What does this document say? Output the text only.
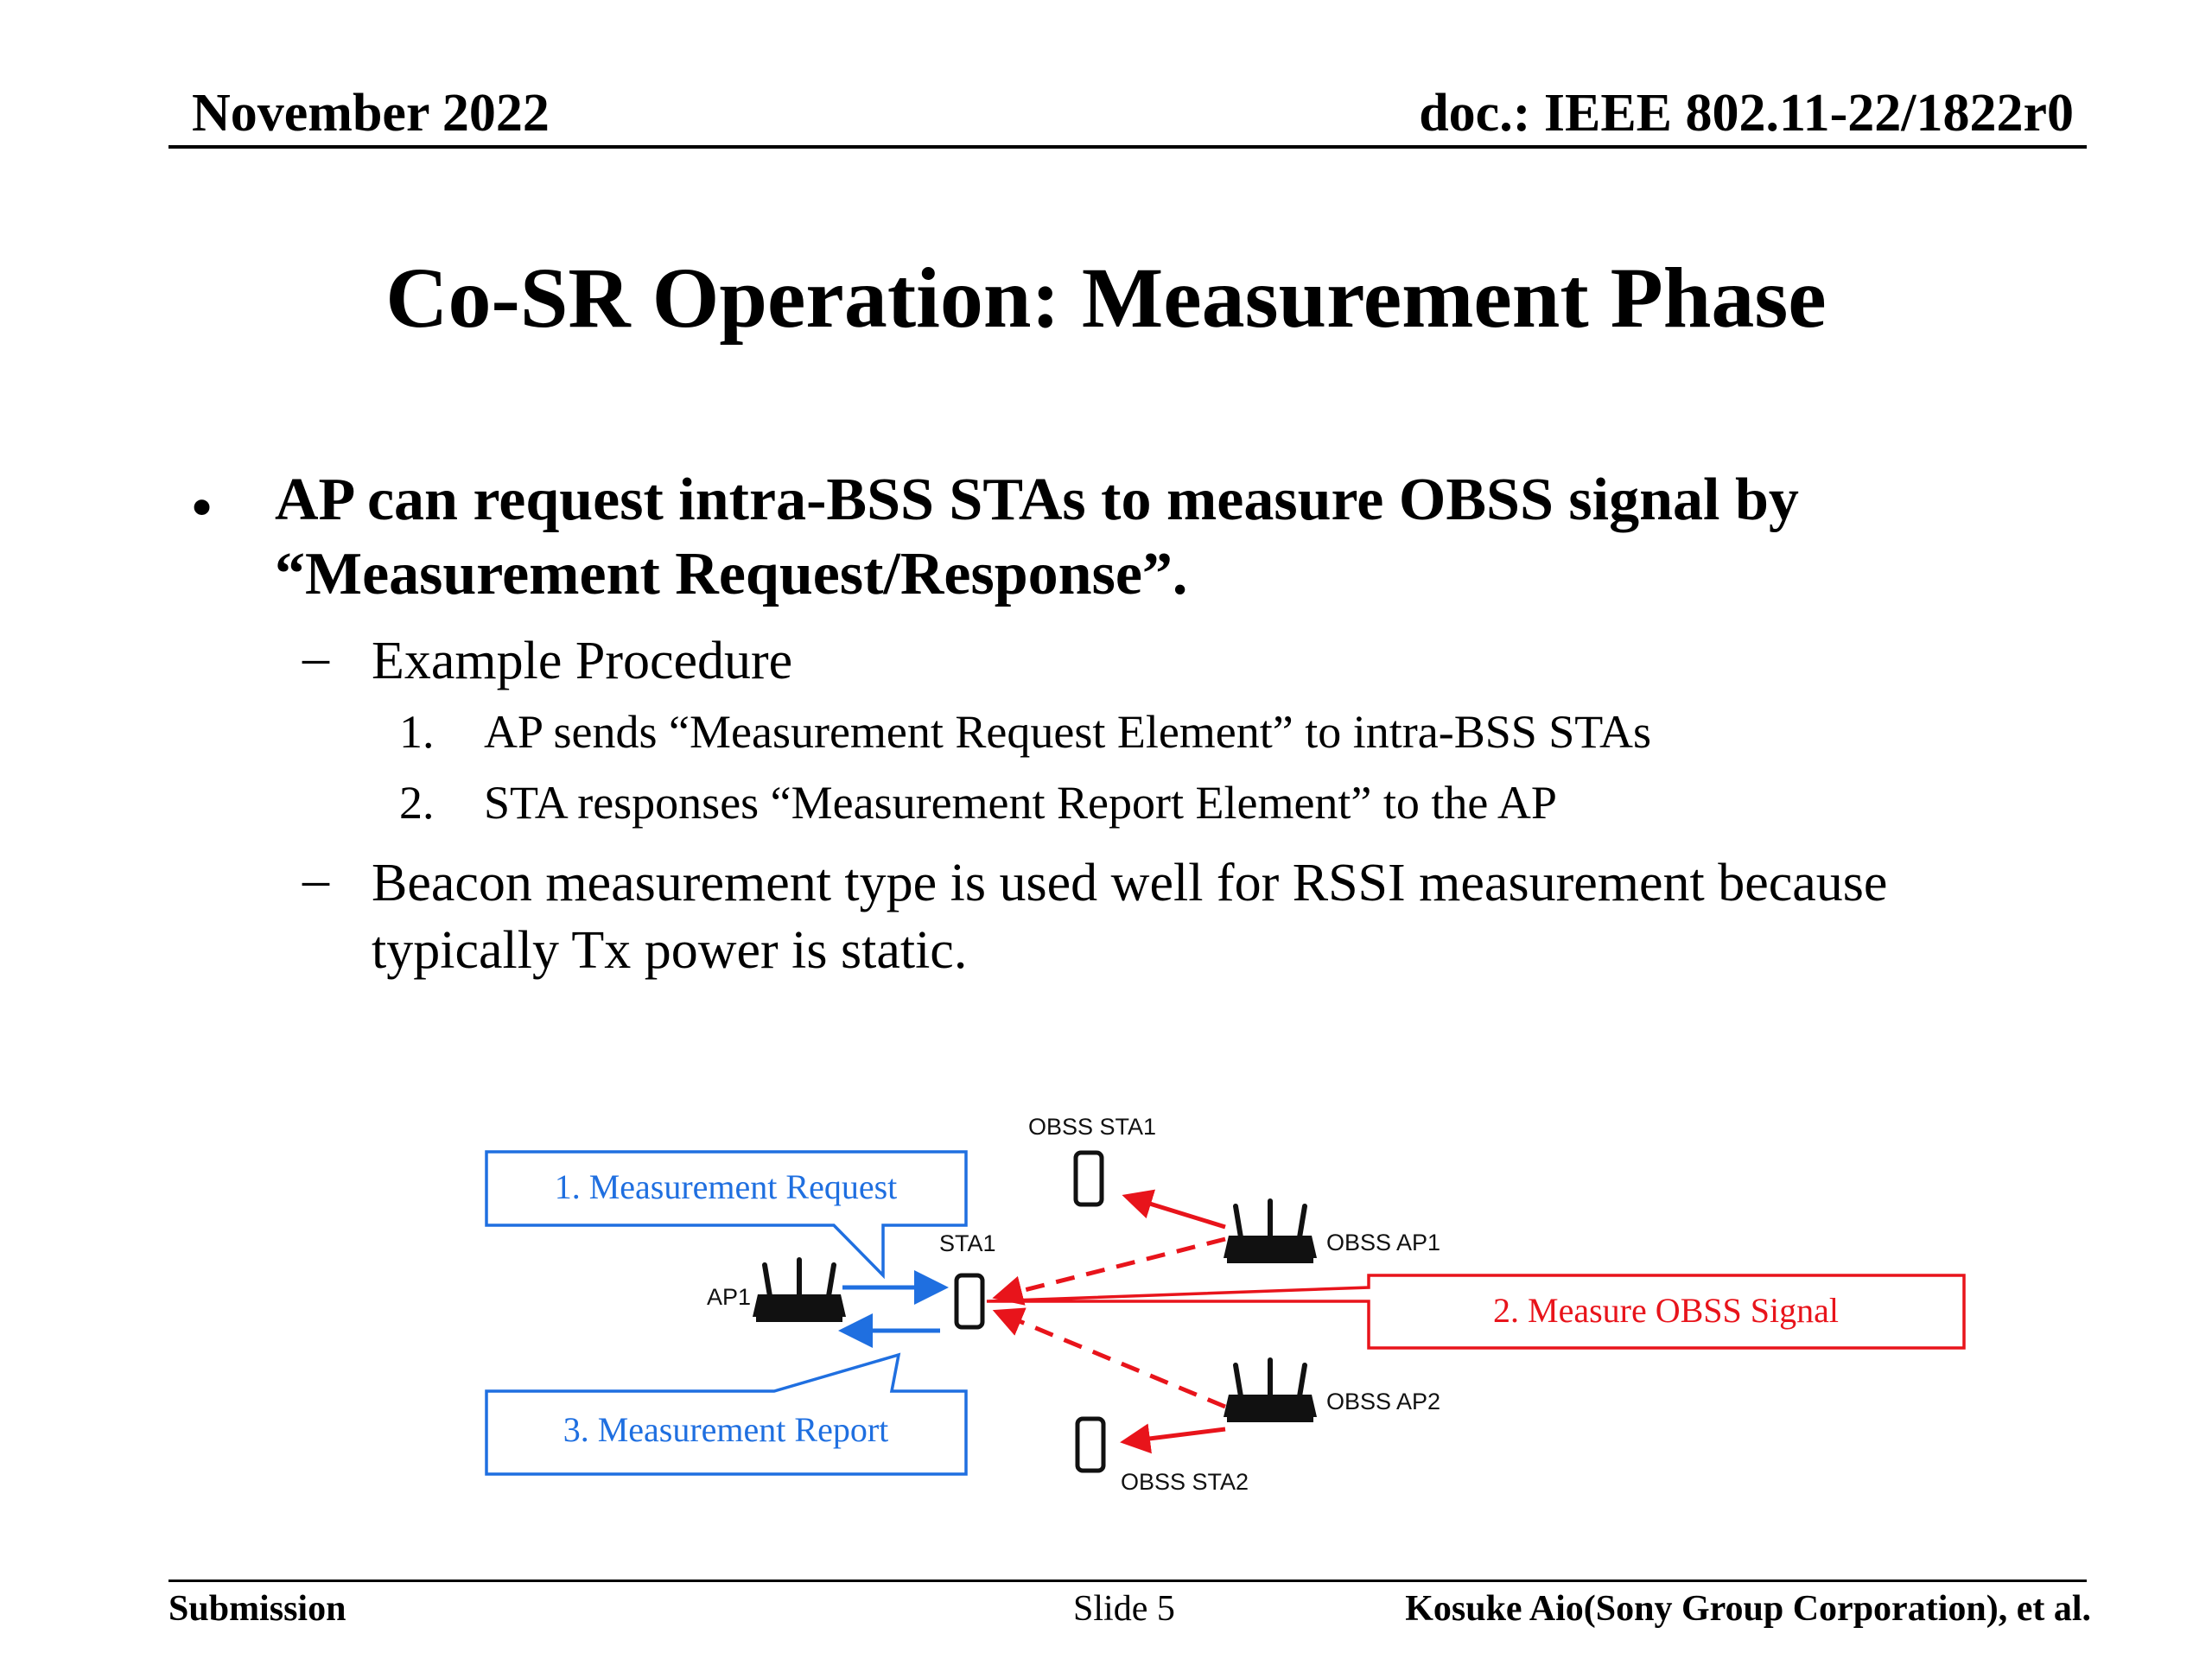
November 2022	doc.: IEEE 802.11-22/1822r0
Co-SR Operation: Measurement Phase
• AP can request intra-BSS STAs to measure OBSS signal by “Measurement Request/Response”.
– Example Procedure
1. AP sends “Measurement Request Element” to intra-BSS STAs
2. STA responses “Measurement Report Element” to the AP
– Beacon measurement type is used well for RSSI measurement because typically Tx power is static.
1. Measurement Request
3. Measurement Report
2. Measure OBSS Signal
AP1
STA1
OBSS STA1
OBSS AP1
OBSS AP2
OBSS STA2
Submission	Slide 5	Kosuke Aio(Sony Group Corporation), et al.
